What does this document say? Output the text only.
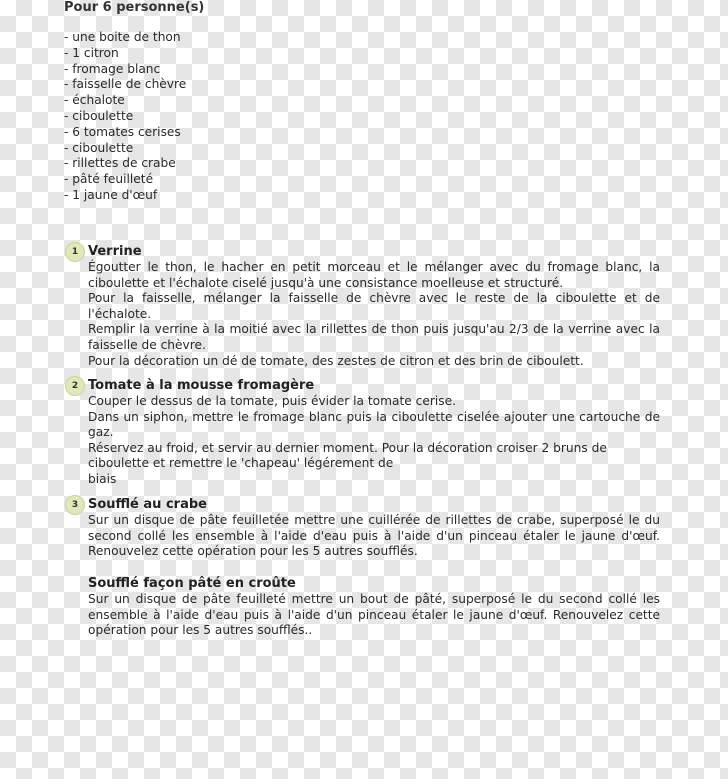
Pour 6 personne(s)
- une boite de thon
- 1 citron
- fromage blanc
- faisselle de chèvre
- échalote
- ciboulette
- 6 tomates cerises
- ciboulette
- rillettes de crabe
- pâté feuilleté
- 1 jaune d'œuf
1 Verrine

Égoutter le thon, le hacher en petit morceau et le mélanger avec du fromage blanc, la ciboulette et l'échalote ciselé jusqu'à une consistance moelleuse et structuré.

Pour la faisselle, mélanger la faisselle de chèvre avec le reste de la ciboulette et de l'échalote.

Remplir la verrine à la moitié avec la rillettes de thon puis jusqu'au 2/3 de la verrine avec la faisselle de chèvre.

Pour la décoration un dé de tomate, des zestes de citron et des brin de ciboulett.

2 Tomate à la mousse fromagère

Couper le dessus de la tomate, puis évider la tomate cerise.

Dans un siphon, mettre le fromage blanc puis la ciboulette ciselée ajouter une cartouche de gaz.

Réservez au froid, et servir au dernier moment. Pour la décoration croiser 2 bruns de ciboulette et remettre le 'chapeau' légérement de

biais

3 Soufflé au crabe

Sur un disque de pâte feuilletée mettre une cuillérée de rillettes de crabe, superposé le du second collé les ensemble à l'aide d'eau puis à l'aide d'un pinceau étaler le jaune d'œuf. Renouvelez cette opération pour les 5 autres soufflés.

Soufflé façon pâté en croûte

Sur un disque de pâte feuilleté mettre un bout de pâté, superposé le du second collé les ensemble à l'aide d'eau puis à l'aide d'un pinceau étaler le jaune d'œuf. Renouvelez cette opération pour les 5 autres soufflés..
